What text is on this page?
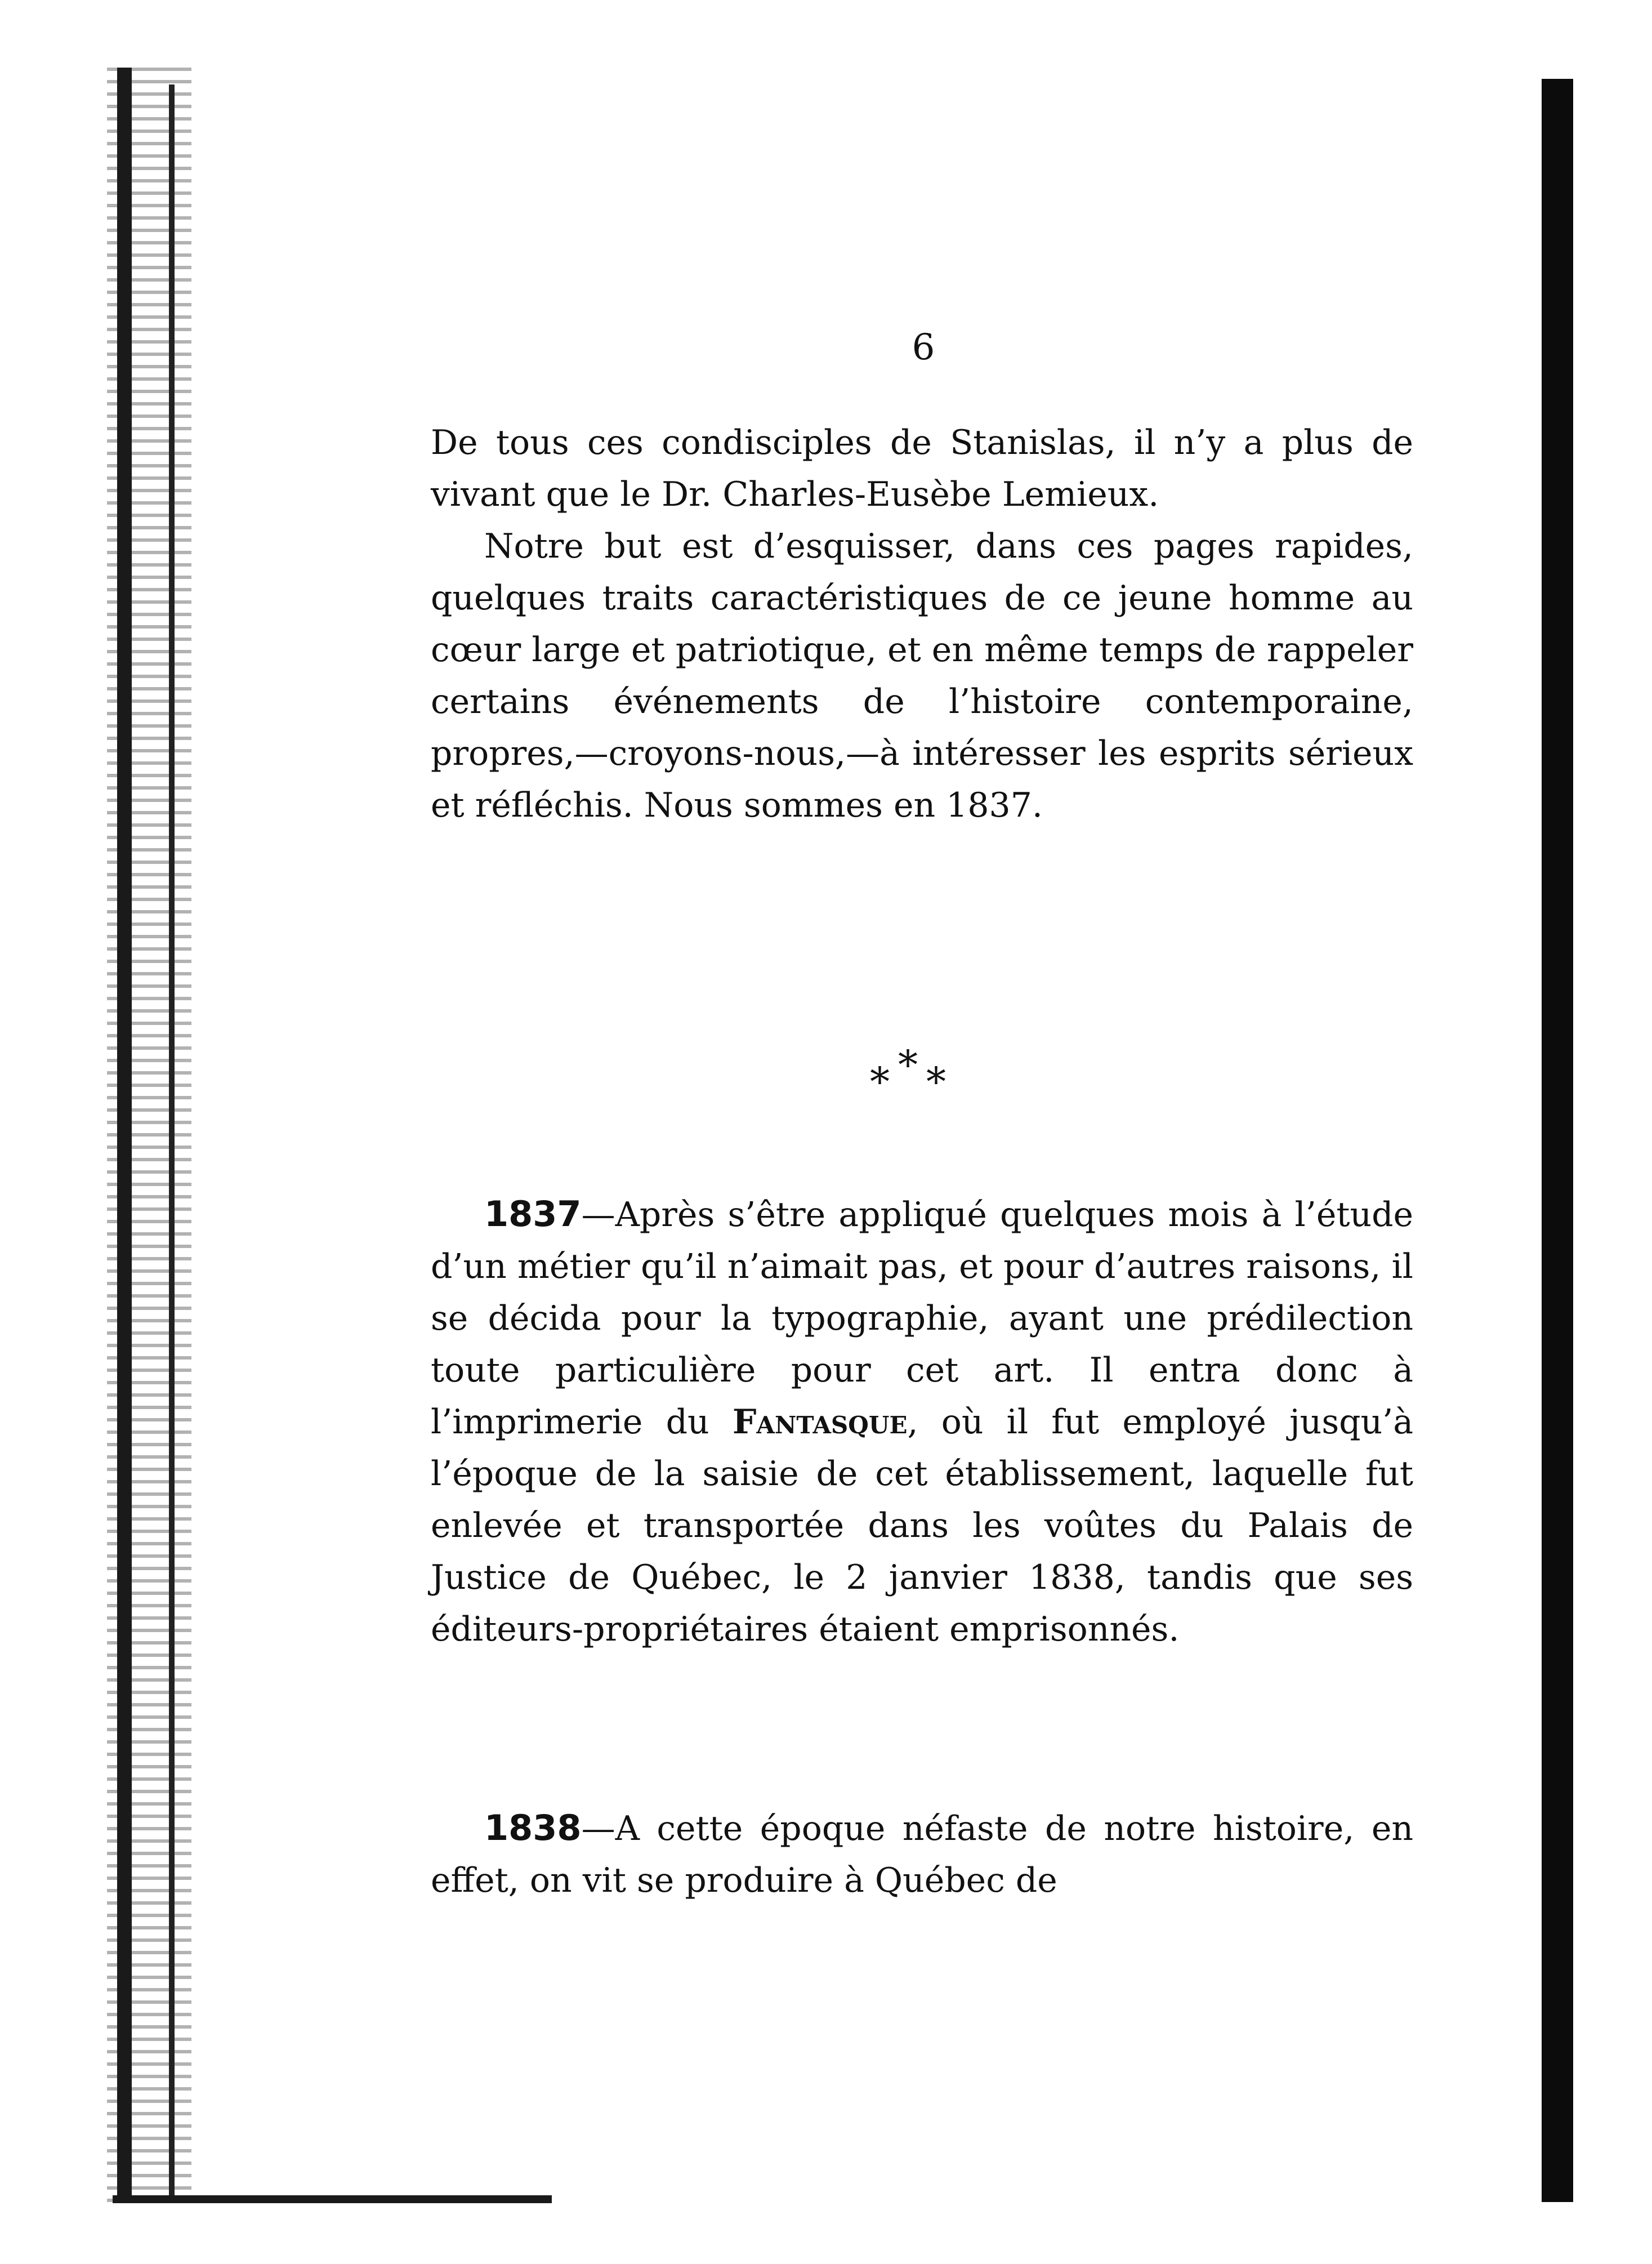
6

De tous ces condisciples de Stanislas, il n’y a plus de vivant que le Dr. Charles-Eusèbe Lemieux.

Notre but est d’esquisser, dans ces pages rapides, quelques traits caractéristiques de ce jeune homme au cœur large et patriotique, et en même temps de rappeler certains événements de l’histoire contemporaine, propres,—croyons-nous,—à intéresser les esprits sérieux et réfléchis. Nous sommes en 1837.

* * *

1837—Après s’être appliqué quelques mois à l’étude d’un métier qu’il n’aimait pas, et pour d’autres raisons, il se décida pour la typographie, ayant une prédilection toute particulière pour cet art. Il entra donc à l’imprimerie du Fantasque, où il fut employé jusqu’à l’époque de la saisie de cet établissement, laquelle fut enlevée et transportée dans les voûtes du Palais de Justice de Québec, le 2 janvier 1838, tandis que ses éditeurs-propriétaires étaient emprisonnés.

1838—A cette époque néfaste de notre histoire, en effet, on vit se produire à Québec de
